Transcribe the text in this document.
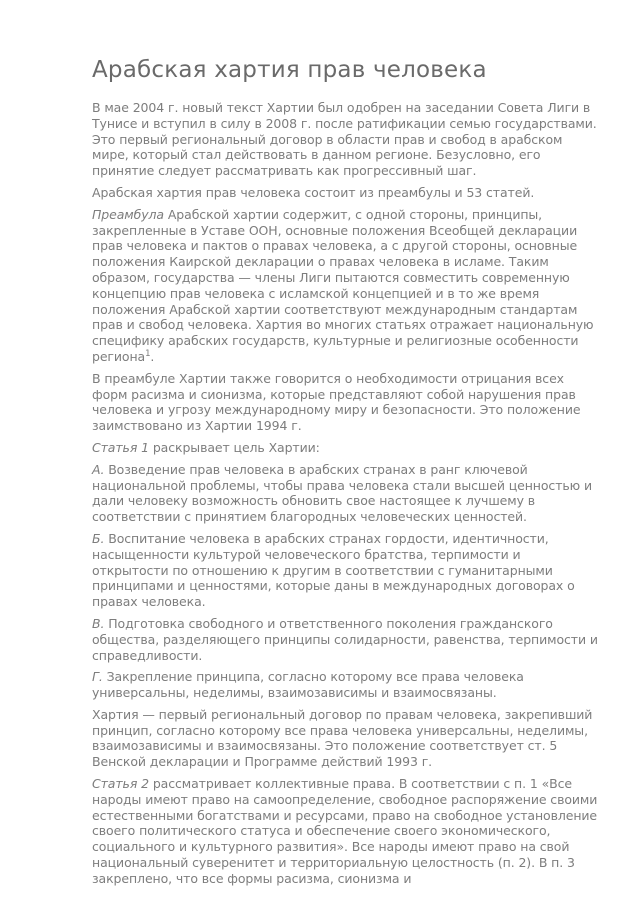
Арабская хартия прав человека

В мае 2004 г. новый текст Хартии был одобрен на заседании Совета Лиги в Тунисе и вступил в силу в 2008 г. после ратификации семью государствами. Это первый региональный договор в области прав и свобод в арабском мире, который стал действовать в данном регионе. Безусловно, его принятие следует рассматривать как прогрессивный шаг.

Арабская хартия прав человека состоит из преамбулы и 53 статей.

Преамбула Арабской хартии содержит, с одной стороны, принципы, закрепленные в Уставе ООН, основные положения Всеобщей декларации прав человека и пактов о правах человека, а с другой стороны, основные положения Каирской декларации о правах человека в исламе. Таким образом, государства — члены Лиги пытаются совместить современную концепцию прав человека с исламской концепцией и в то же время положения Арабской хартии соответствуют международным стандартам прав и свобод человека. Хартия во многих статьях отражает национальную специфику арабских государств, культурные и религиозные особенности региона$^1$.

В преамбуле Хартии также говорится о необходимости отрицания всех форм расизма и сионизма, которые представляют собой нарушения прав человека и угрозу международному миру и безопасности. Это положение заимствовано из Хартии 1994 г.

Статья 1 раскрывает цель Хартии:

А. Возведение прав человека в арабских странах в ранг ключевой национальной проблемы, чтобы права человека стали высшей ценностью и дали человеку возможность обновить свое настоящее к лучшему в соответствии с принятием благородных человеческих ценностей.

Б. Воспитание человека в арабских странах гордости, идентичности, насыщенности культурой человеческого братства, терпимости и открытости по отношению к другим в соответствии с гуманитарными принципами и ценностями, которые даны в международных договорах о правах человека.

В. Подготовка свободного и ответственного поколения гражданского общества, разделяющего принципы солидарности, равенства, терпимости и справедливости.

Г. Закрепление принципа, согласно которому все права человека универсальны, неделимы, взаимозависимы и взаимосвязаны.

Хартия — первый региональный договор по правам человека, закрепивший принцип, согласно которому все права человека универсальны, неделимы, взаимозависимы и взаимосвязаны. Это положение соответствует ст. 5 Венской декларации и Программе действий 1993 г.

Статья 2 рассматривает коллективные права. В соответствии с п. 1 «Все народы имеют право на самоопределение, свободное распоряжение своими естественными богатствами и ресурсами, право на свободное установление своего политического статуса и обеспечение своего экономического, социального и культурного развития». Все народы имеют право на свой национальный суверенитет и территориальную целостность (п. 2). В п. 3 закреплено, что все формы расизма, сионизма и
